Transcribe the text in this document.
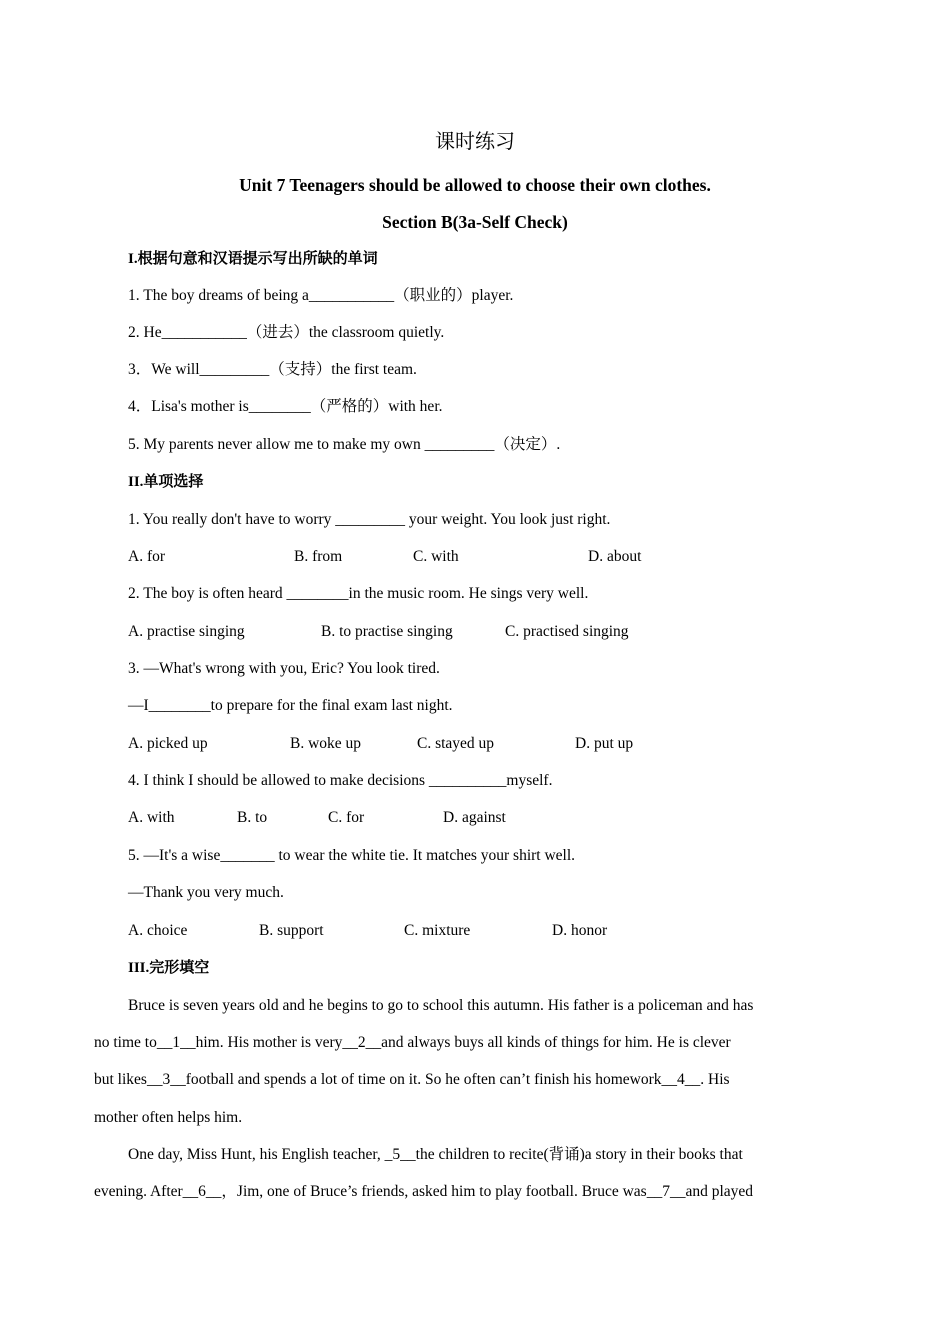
课时练习
Unit 7 Teenagers should be allowed to choose their own clothes.
Section B(3a-Self Check)
I.根据句意和汉语提示写出所缺的单词
1. The boy dreams of being a___________（职业的）player.
2. He___________（进去）the classroom quietly.
3．We will_________（支持）the first team.
4．Lisa's mother is________（严格的）with her.
5. My parents never allow me to make my own _________（决定）.
II.单项选择
1. You really don't have to worry _________ your weight. You look just right.
A. for	B. from	C. with	D. about
2. The boy is often heard ________in the music room. He sings very well.
A. practise singing	B. to practise singing	C. practised singing
3. —What's wrong with you, Eric? You look tired.
—I________to prepare for the final exam last night.
A. picked up	B. woke up	C. stayed up	D. put up
4. I think I should be allowed to make decisions __________myself.
A. with	B. to	C. for	D. against
5. —It's a wise_______ to wear the white tie. It matches your shirt well.
—Thank you very much.
A. choice	B. support	C. mixture	D. honor
III.完形填空
Bruce is seven years old and he begins to go to school this autumn. His father is a policeman and has
no time to__1__him. His mother is very__2__and always buys all kinds of things for him. He is clever
but likes__3__football and spends a lot of time on it. So he often can’t finish his homework__4__. His
mother often helps him.
One day, Miss Hunt, his English teacher, _5__the children to recite(背诵)a story in their books that
evening. After__6__，Jim, one of Bruce’s friends, asked him to play football. Bruce was__7__and played
